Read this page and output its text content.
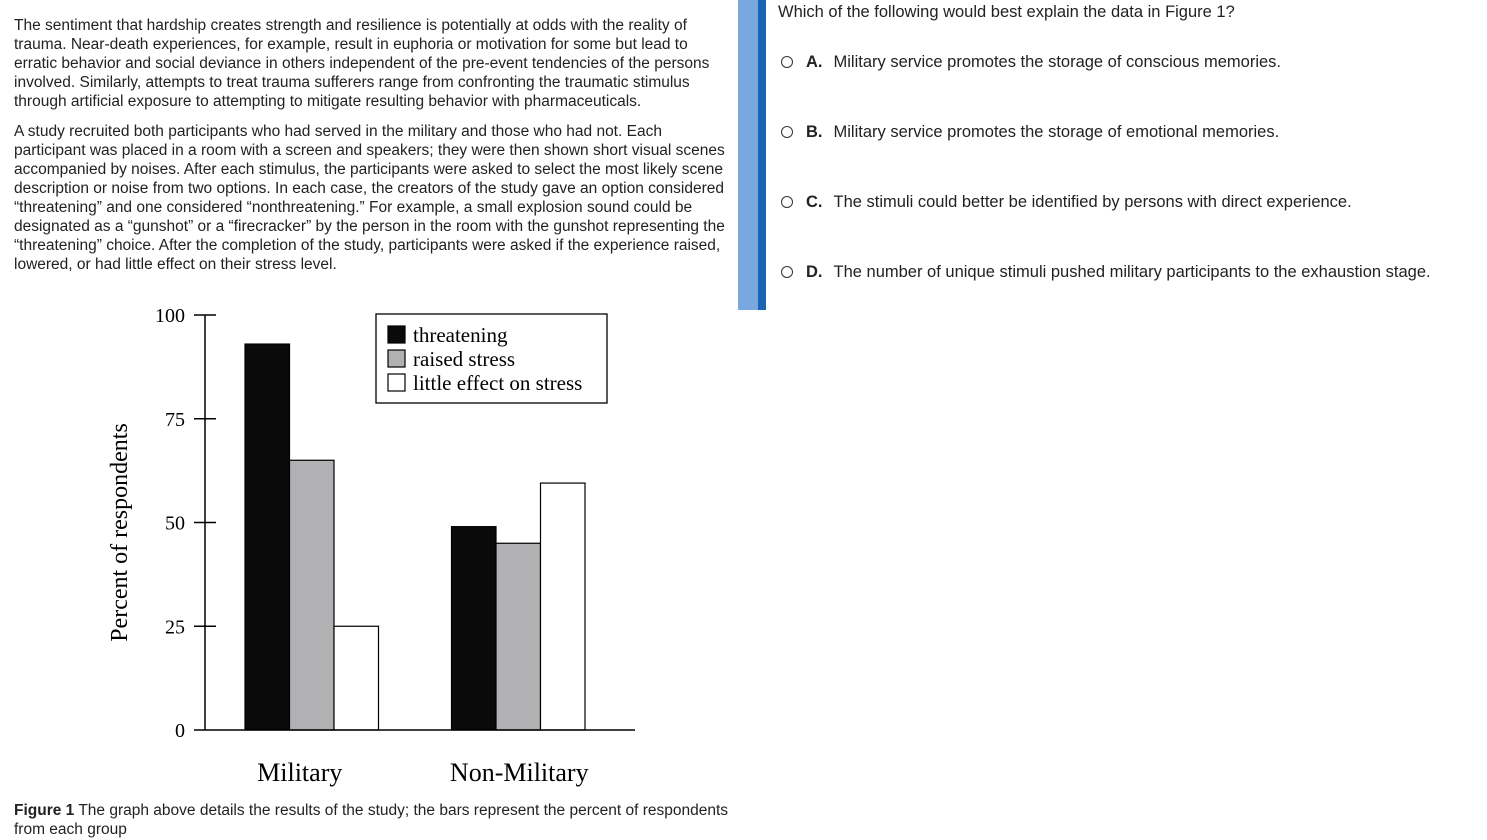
The sentiment that hardship creates strength and resilience is potentially at odds with the reality of trauma. Near-death experiences, for example, result in euphoria or motivation for some but lead to erratic behavior and social deviance in others independent of the pre-event tendencies of the persons involved. Similarly, attempts to treat trauma sufferers range from confronting the traumatic stimulus through artificial exposure to attempting to mitigate resulting behavior with pharmaceuticals.

A study recruited both participants who had served in the military and those who had not. Each participant was placed in a room with a screen and speakers; they were then shown short visual scenes accompanied by noises. After each stimulus, the participants were asked to select the most likely scene description or noise from two options. In each case, the creators of the study gave an option considered “threatening” and one considered “nonthreatening.” For example, a small explosion sound could be designated as a “gunshot” or a “firecracker” by the person in the room with the gunshot representing the “threatening” choice. After the completion of the study, participants were asked if the experience raised, lowered, or had little effect on their stress level.

0
25
50
75
100
Percent of respondents
Military	Non-Military
threatening
raised stress
little effect on stress
Figure 1 The graph above details the results of the study; the bars represent the percent of respondents from each group
Which of the following would best explain the data in Figure 1?
A. Military service promotes the storage of conscious memories.
B. Military service promotes the storage of emotional memories.
C. The stimuli could better be identified by persons with direct experience.
D. The number of unique stimuli pushed military participants to the exhaustion stage.
